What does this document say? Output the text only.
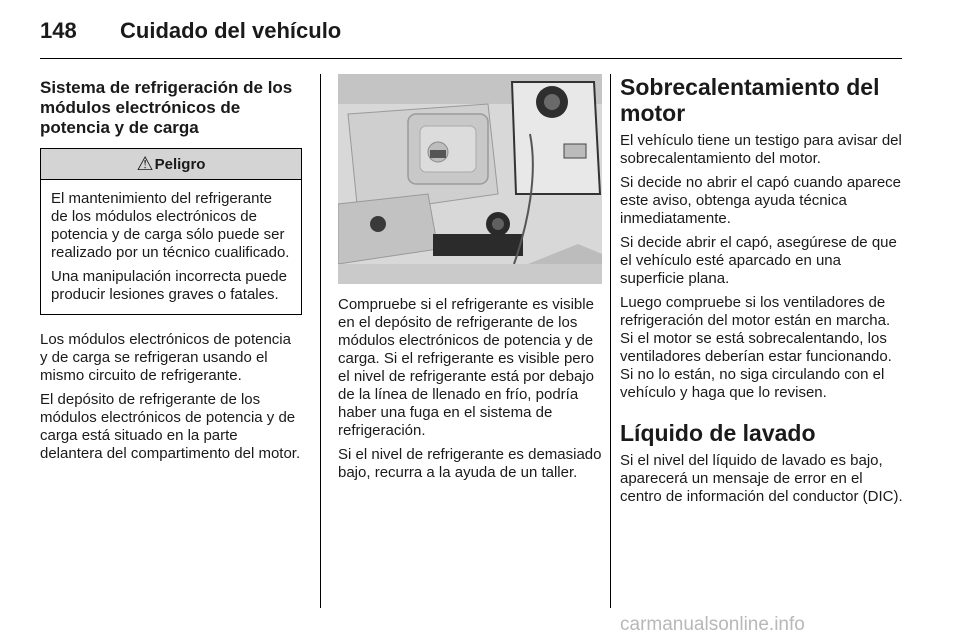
148	Cuidado del vehículo
Sistema de refrigeración de los módulos electrónicos de potencia y de carga
⚠ Peligro

El mantenimiento del refrigerante de los módulos electrónicos de potencia y de carga sólo puede ser realizado por un técnico cualificado.

Una manipulación incorrecta puede producir lesiones graves o fatales.

Los módulos electrónicos de potencia y de carga se refrigeran usando el mismo circuito de refrigerante.

El depósito de refrigerante de los módulos electrónicos de potencia y de carga está situado en la parte delantera del compartimento del motor.

Compruebe si el refrigerante es visible en el depósito de refrigerante de los módulos electrónicos de potencia y de carga. Si el refrigerante es visible pero el nivel de refrigerante está por debajo de la línea de llenado en frío, podría haber una fuga en el sistema de refrigeración.

Si el nivel de refrigerante es demasiado bajo, recurra a la ayuda de un taller.

Sobrecalentamiento del motor

El vehículo tiene un testigo para avisar del sobrecalentamiento del motor.

Si decide no abrir el capó cuando aparece este aviso, obtenga ayuda técnica inmediatamente.

Si decide abrir el capó, asegúrese de que el vehículo esté aparcado en una superficie plana.

Luego compruebe si los ventiladores de refrigeración del motor están en marcha. Si el motor se está sobrecalentando, los ventiladores deberían estar funcionando. Si no lo están, no siga circulando con el vehículo y haga que lo revisen.

Líquido de lavado

Si el nivel del líquido de lavado es bajo, aparecerá un mensaje de error en el centro de información del conductor (DIC).

carmanualsonline.info
